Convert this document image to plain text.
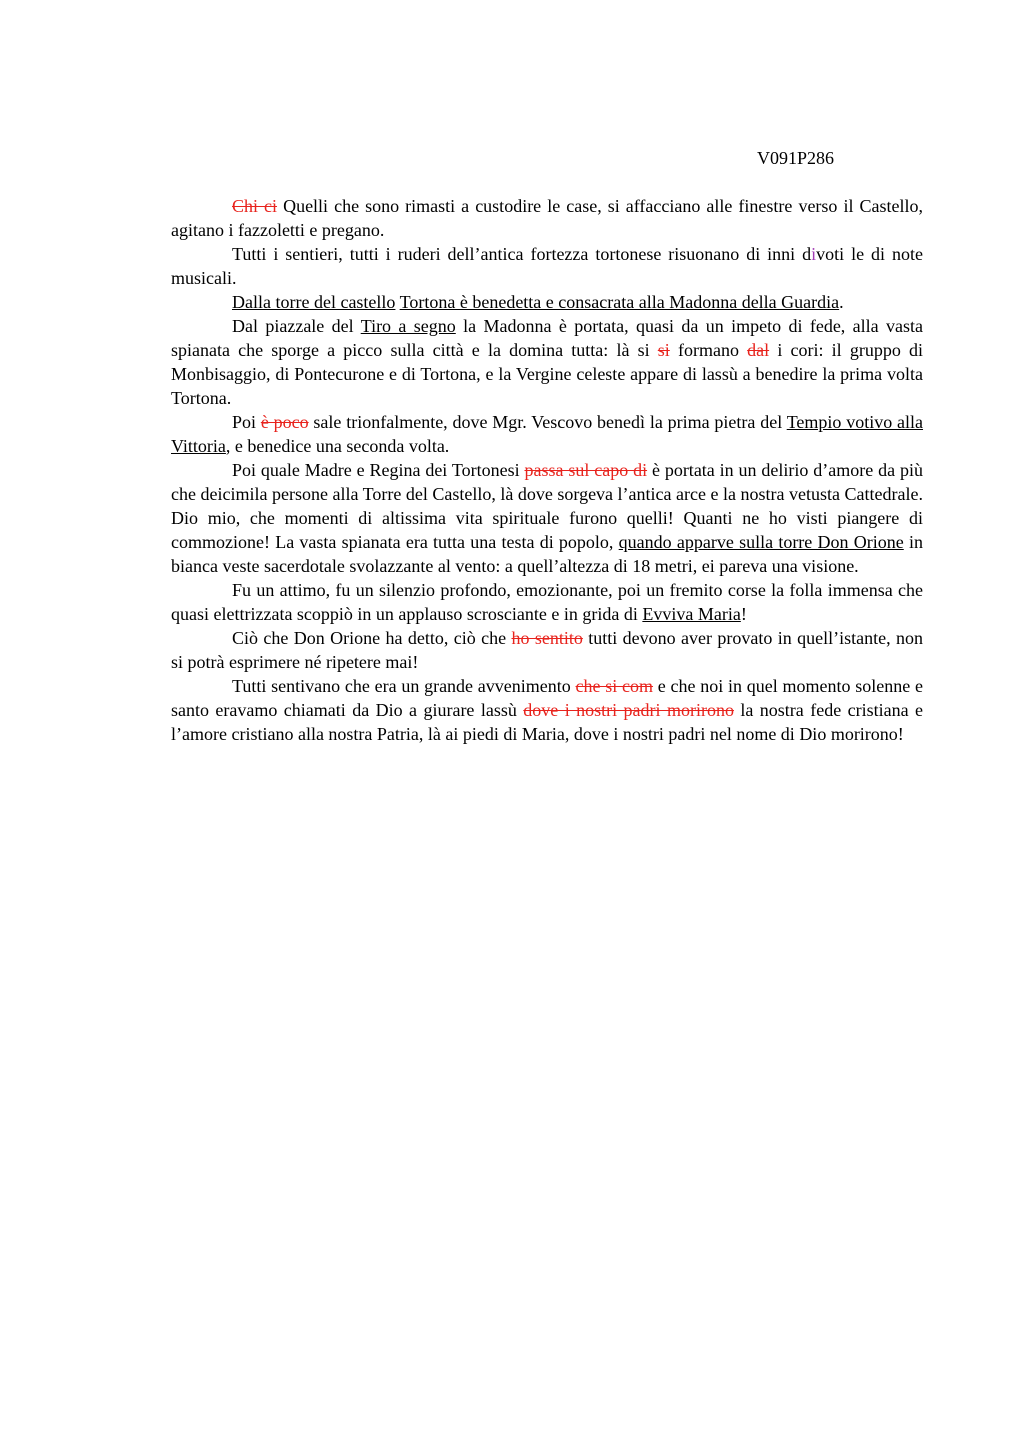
V091P286

Chi ci Quelli che sono rimasti a custodire le case, si affacciano alle finestre verso il Castello, agitano i fazzoletti e pregano.

Tutti i sentieri, tutti i ruderi dell’antica fortezza tortonese risuonano di inni divoti le di note musicali.

Dalla torre del castello Tortona è benedetta e consacrata alla Madonna della Guardia.

Dal piazzale del Tiro a segno la Madonna è portata, quasi da un impeto di fede, alla vasta spianata che sporge a picco sulla città e la domina tutta: là si si formano dal i cori: il gruppo di Monbisaggio, di Pontecurone e di Tortona, e la Vergine celeste appare di lassù a benedire la prima volta Tortona.

Poi è poco sale trionfalmente, dove Mgr. Vescovo benedì la prima pietra del Tempio votivo alla Vittoria, e benedice una seconda volta.

Poi quale Madre e Regina dei Tortonesi passa sul capo di è portata in un delirio d’amore da più che deicimila persone alla Torre del Castello, là dove sorgeva l’antica arce e la nostra vetusta Cattedrale. Dio mio, che momenti di altissima vita spirituale furono quelli! Quanti ne ho visti piangere di commozione! La vasta spianata era tutta una testa di popolo, quando apparve sulla torre Don Orione in bianca veste sacerdotale svolazzante al vento: a quell’altezza di 18 metri, ei pareva una visione.

Fu un attimo, fu un silenzio profondo, emozionante, poi un fremito corse la folla immensa che quasi elettrizzata scoppiò in un applauso scrosciante e in grida di Evviva Maria!

Ciò che Don Orione ha detto, ciò che ho sentito tutti devono aver provato in quell’istante, non si potrà esprimere né ripetere mai!

Tutti sentivano che era un grande avvenimento che si com e che noi in quel momento solenne e santo eravamo chiamati da Dio a giurare lassù dove i nostri padri morirono la nostra fede cristiana e l’amore cristiano alla nostra Patria, là ai piedi di Maria, dove i nostri padri nel nome di Dio morirono!
